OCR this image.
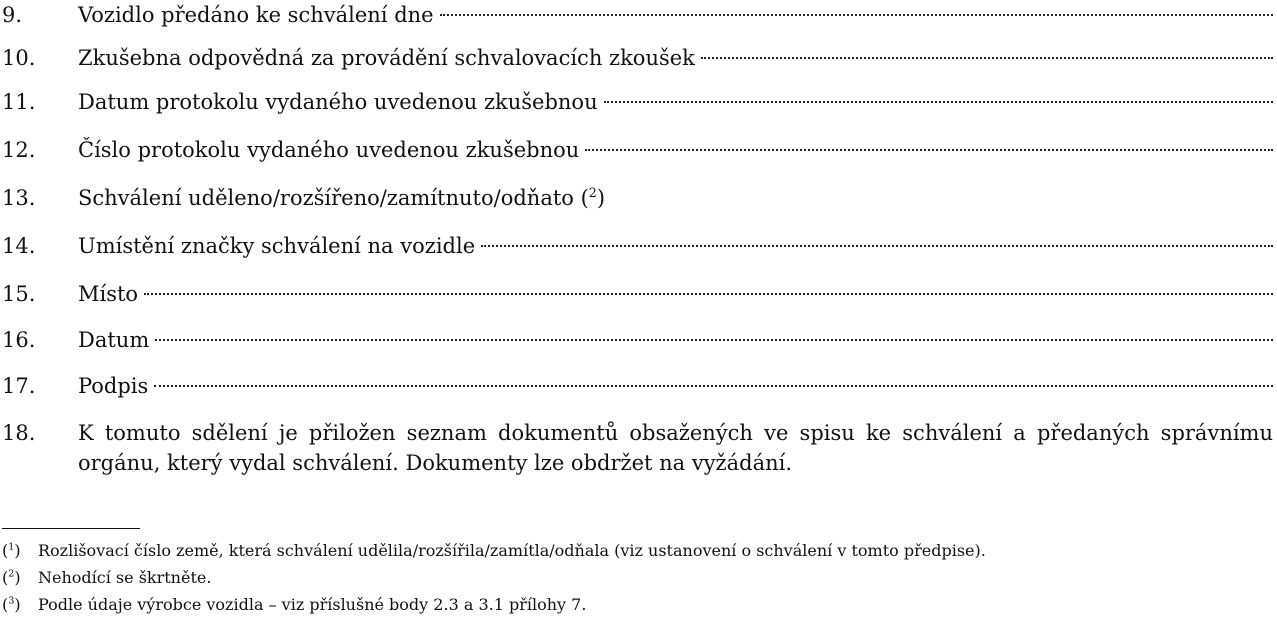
9.	Vozidlo předáno ke schválení dne
10.	Zkušebna odpovědná za provádění schvalovacích zkoušek
11.	Datum protokolu vydaného uvedenou zkušebnou
12.	Číslo protokolu vydaného uvedenou zkušebnou
13.	Schválení uděleno/rozšířeno/zamítnuto/odňato ($^2$)
14.	Umístění značky schválení na vozidle
15.	Místo
16.	Datum
17.	Podpis
18.	K tomuto sdělení je přiložen seznam dokumentů obsažených ve spisu ke schválení a předaných správnímu orgánu, který vydal schválení. Dokumenty lze obdržet na vyžádání.
($^1$) Rozlišovací číslo země, která schválení udělila/rozšířila/zamítla/odňala (viz ustanovení o schválení v tomto předpise).
($^2$) Nehodící se škrtněte.
($^3$) Podle údaje výrobce vozidla – viz příslušné body 2.3 a 3.1 přílohy 7.
